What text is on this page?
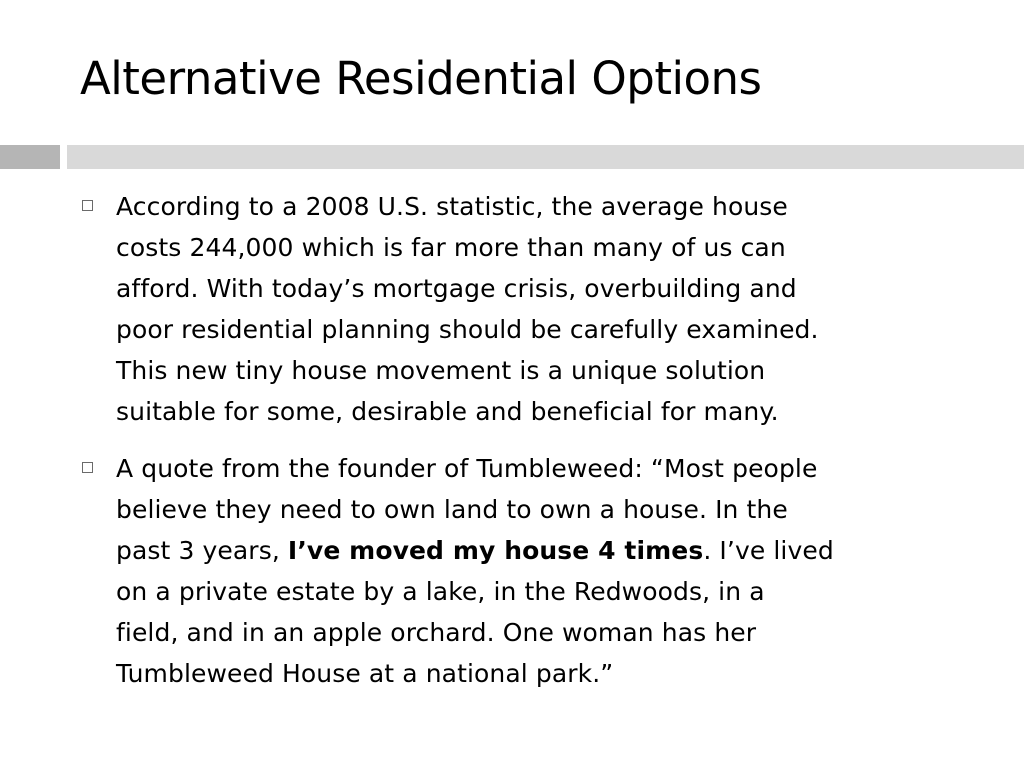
Alternative Residential Options
According to a 2008 U.S. statistic, the average house
costs 244,000 which is far more than many of us can
afford. With today’s mortgage crisis, overbuilding and
poor residential planning should be carefully examined.
This new tiny house movement is a unique solution
suitable for some, desirable and beneficial for many.
A quote from the founder of Tumbleweed: “Most people
believe they need to own land to own a house. In the
past 3 years, I’ve moved my house 4 times. I’ve lived
on a private estate by a lake, in the Redwoods, in a
field, and in an apple orchard. One woman has her
Tumbleweed House at a national park.”
